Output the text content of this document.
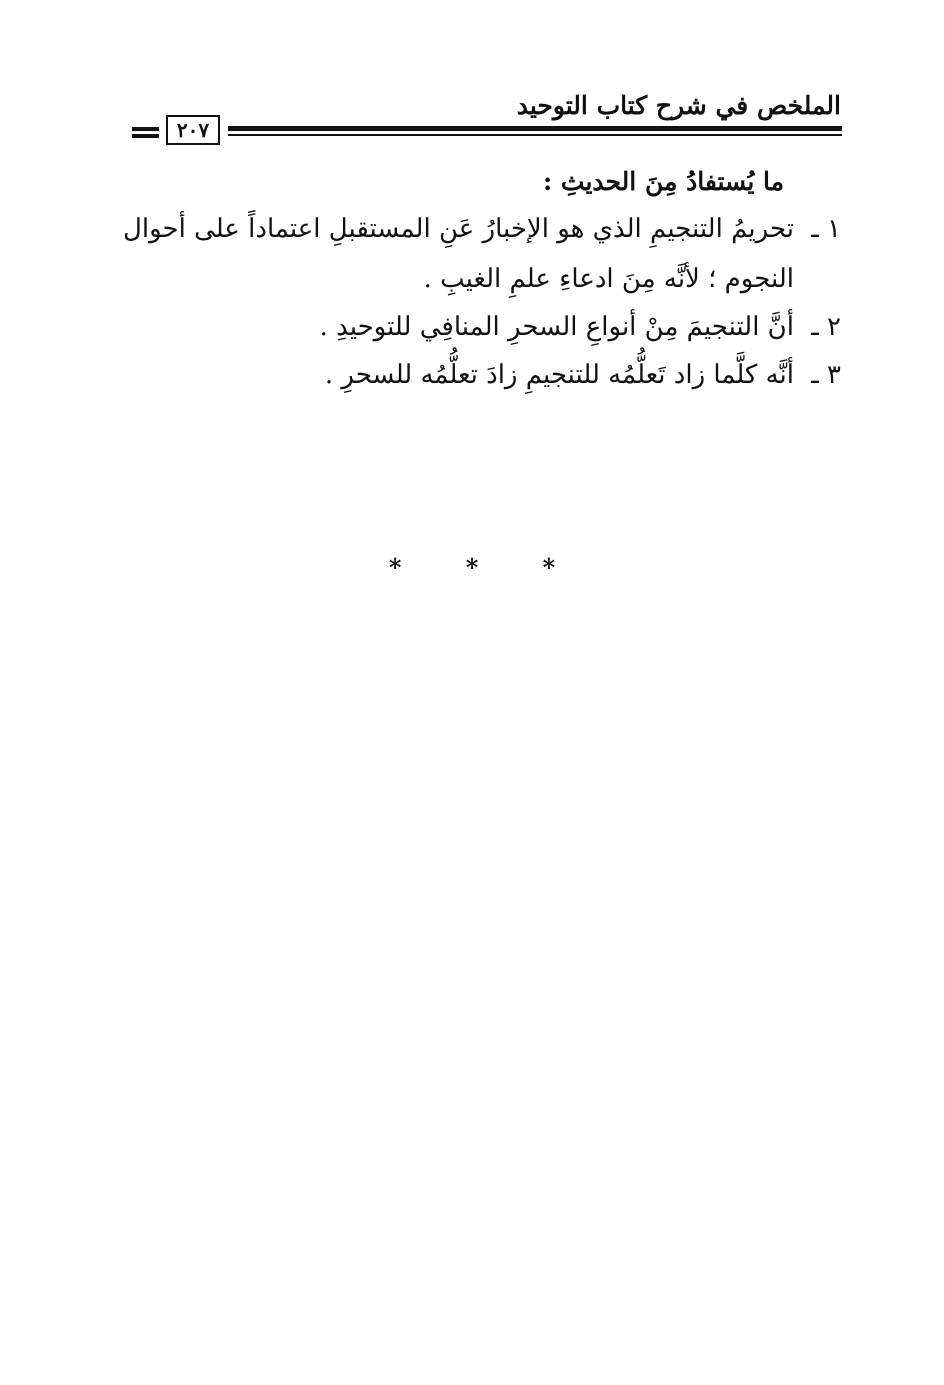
الملخص في شرح كتاب التوحيد
٢٠٧
ما يُستفادُ مِنَ الحديثِ :
١ ـ
تحريمُ التنجيمِ الذي هو الإخبارُ عَنِ المستقبلِ اعتماداً على أحوال
النجوم ؛ لأنَّه مِنَ ادعاءِ علمِ الغيبِ .
٢ ـ
أنَّ التنجيمَ مِنْ أنواعِ السحرِ المنافِي للتوحيدِ .
٣ ـ
أنَّه كلَّما زاد تَعلُّمُه للتنجيمِ زادَ تعلُّمُه للسحرِ .
* * *
